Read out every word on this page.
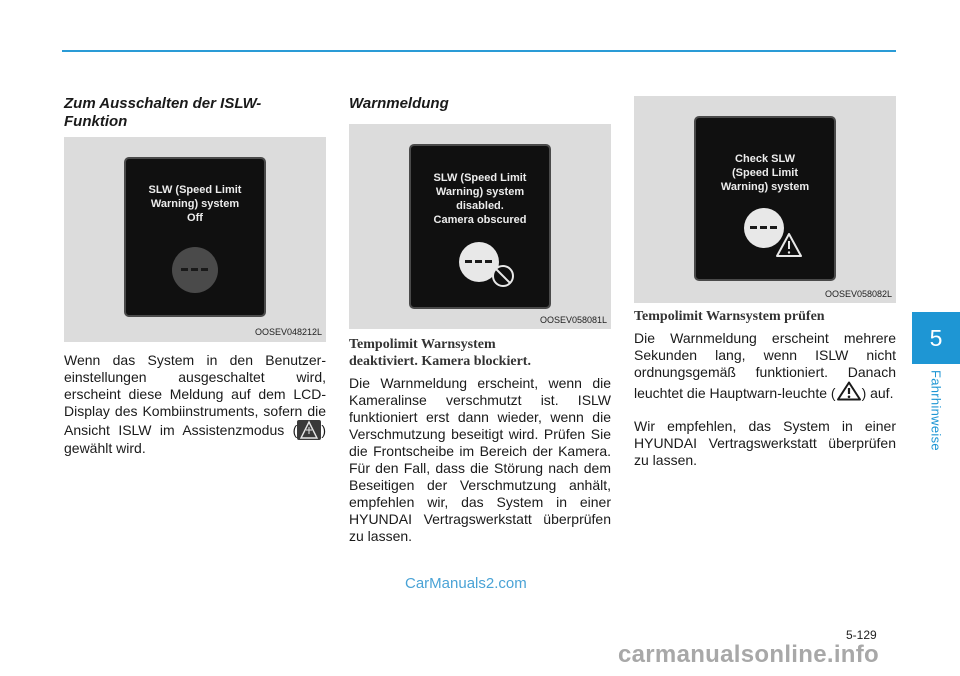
5
Fahrhinweise
Zum Ausschalten der ISLW-
Funktion
SLW (Speed Limit
Warning) system
Off
OOSEV048212L
Wenn das System in den Benutzer-einstellungen ausgeschaltet wird, erscheint diese Meldung auf dem LCD-Display des Kombiinstruments, sofern die Ansicht ISLW im Assistenzmodus ( ) gewählt wird.
Warnmeldung
SLW (Speed Limit
Warning) system
disabled.
Camera obscured
OOSEV058081L
Tempolimit Warnsystem
deaktiviert. Kamera blockiert.
Die Warnmeldung erscheint, wenn die Kameralinse verschmutzt ist. ISLW funktioniert erst dann wieder, wenn die Verschmutzung beseitigt wird. Prüfen Sie die Frontscheibe im Bereich der Kamera. Für den Fall, dass die Störung nach dem Beseitigen der Verschmutzung anhält, empfehlen wir, das System in einer HYUNDAI Vertragswerkstatt überprüfen zu lassen.
Check SLW
(Speed Limit
Warning) system
OOSEV058082L
Tempolimit Warnsystem prüfen
Die Warnmeldung erscheint mehrere Sekunden lang, wenn ISLW nicht ordnungsgemäß funktioniert. Danach leuchtet die Hauptwarn-leuchte ( ) auf.
Wir empfehlen, das System in einer HYUNDAI Vertragswerkstatt überprüfen zu lassen.
CarManuals2.com
5-129
carmanualsonline.info
